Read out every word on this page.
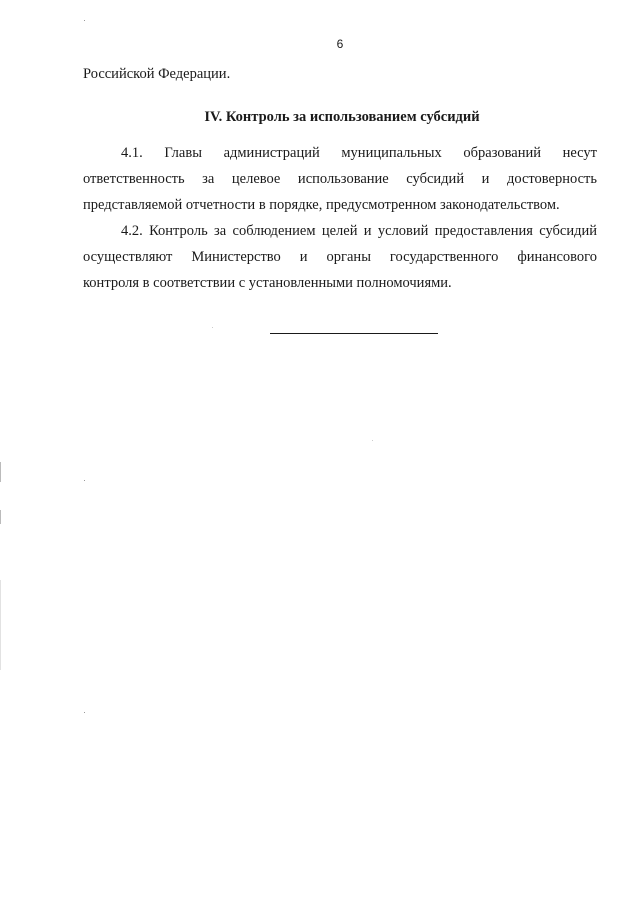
6
Российской Федерации.
IV. Контроль за использованием субсидий
4.1. Главы администраций муниципальных образований несут
ответственность за целевое использование субсидий и достоверность
представляемой отчетности в порядке, предусмотренном законодательством.
4.2. Контроль за соблюдением целей и условий предоставления субсидий
осуществляют Министерство и органы государственного финансового
контроля в соответствии с установленными полномочиями.
